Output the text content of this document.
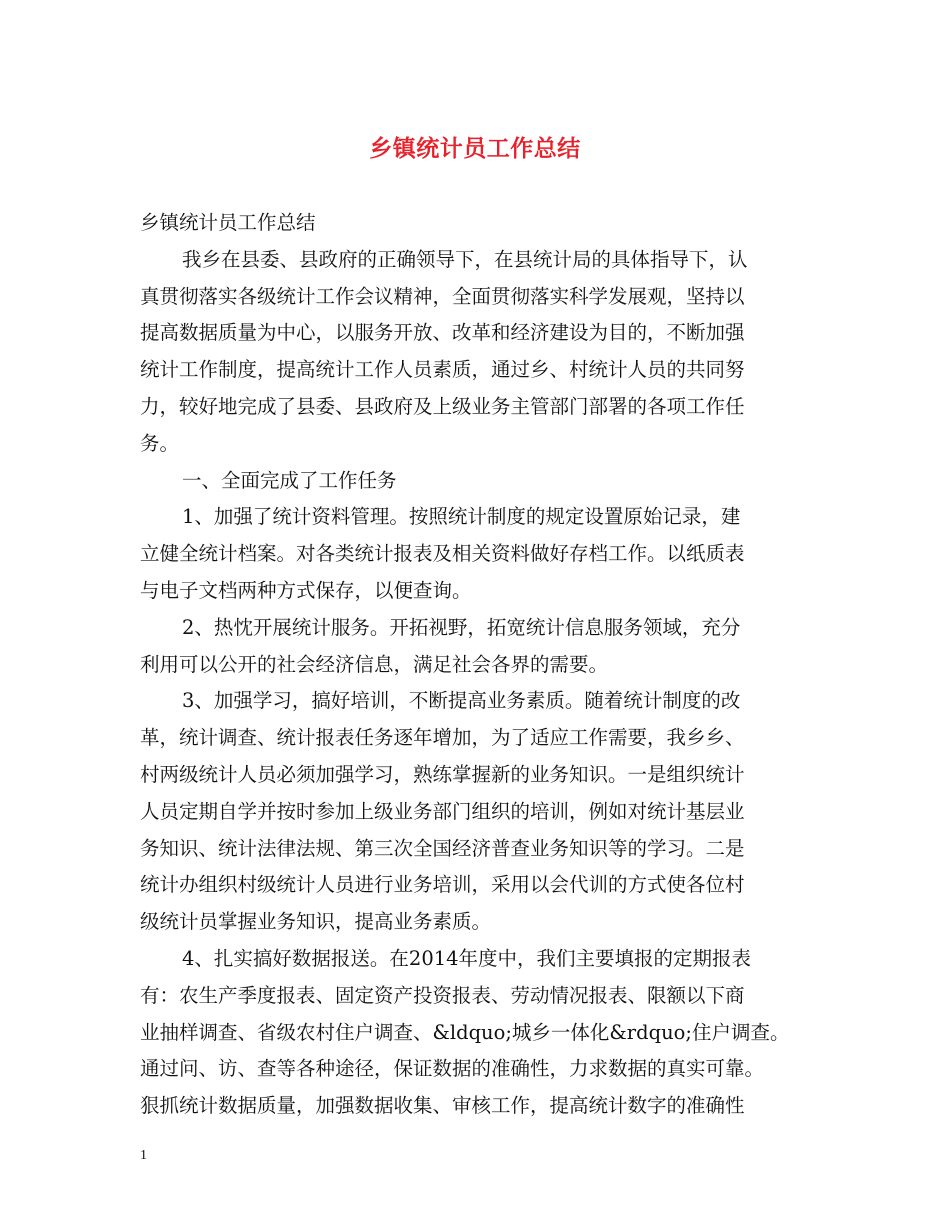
乡镇统计员工作总结
乡镇统计员工作总结
我乡在县委、县政府的正确领导下，在县统计局的具体指导下，认
真贯彻落实各级统计工作会议精神，全面贯彻落实科学发展观，坚持以
提高数据质量为中心，以服务开放、改革和经济建设为目的，不断加强
统计工作制度，提高统计工作人员素质，通过乡、村统计人员的共同努
力，较好地完成了县委、县政府及上级业务主管部门部署的各项工作任
务。
一、全面完成了工作任务
1、加强了统计资料管理。按照统计制度的规定设置原始记录，建
立健全统计档案。对各类统计报表及相关资料做好存档工作。以纸质表
与电子文档两种方式保存，以便查询。
2、热忱开展统计服务。开拓视野，拓宽统计信息服务领域，充分
利用可以公开的社会经济信息，满足社会各界的需要。
3、加强学习，搞好培训，不断提高业务素质。随着统计制度的改
革，统计调查、统计报表任务逐年增加，为了适应工作需要，我乡乡、
村两级统计人员必须加强学习，熟练掌握新的业务知识。一是组织统计
人员定期自学并按时参加上级业务部门组织的培训，例如对统计基层业
务知识、统计法律法规、第三次全国经济普查业务知识等的学习。二是
统计办组织村级统计人员进行业务培训，采用以会代训的方式使各位村
级统计员掌握业务知识，提高业务素质。
4、扎实搞好数据报送。在2014年度中，我们主要填报的定期报表
有：农生产季度报表、固定资产投资报表、劳动情况报表、限额以下商
业抽样调查、省级农村住户调查、&ldquo;城乡一体化&rdquo;住户调查。
通过问、访、查等各种途径，保证数据的准确性，力求数据的真实可靠。
狠抓统计数据质量，加强数据收集、审核工作，提高统计数字的准确性
1
